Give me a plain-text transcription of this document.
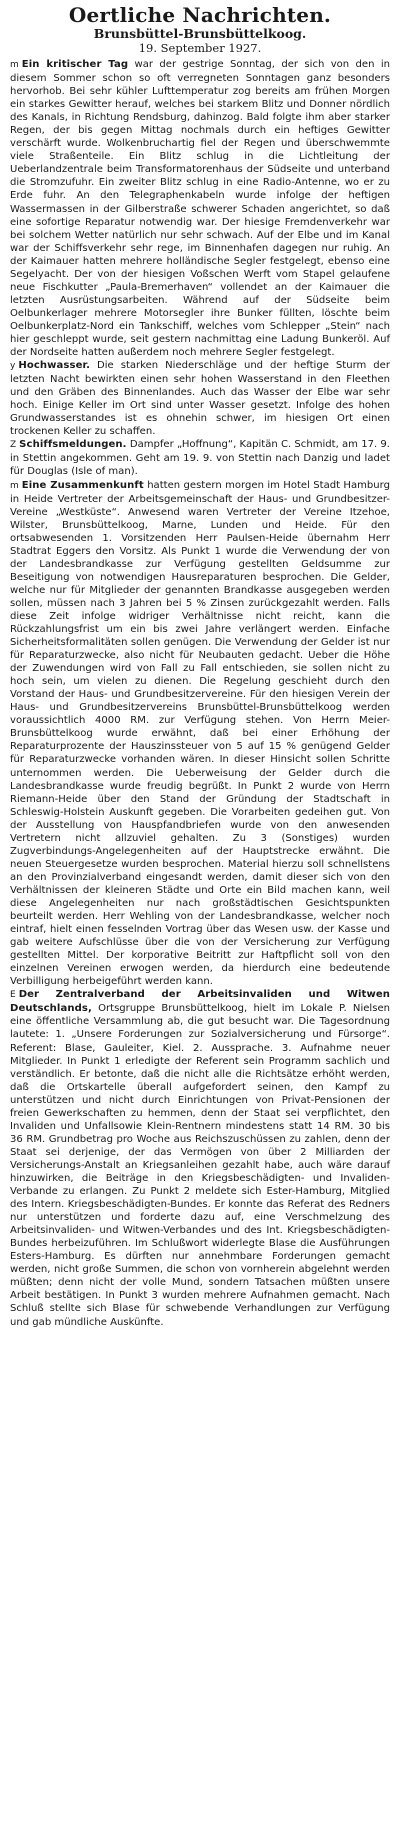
Oertliche Nachrichten.
Brunsbüttel-Brunsbüttelkoog.

19. September 1927.

m Ein kritischer Tag war der gestrige Sonntag, der sich von den in diesem Sommer schon so oft verregneten Sonntagen ganz besonders hervorhob. Bei sehr kühler Lufttemperatur zog bereits am frühen Morgen ein starkes Gewitter herauf, welches bei starkem Blitz und Donner nördlich des Kanals, in Richtung Rendsburg, dahinzog. Bald folgte ihm aber starker Regen, der bis gegen Mittag nochmals durch ein heftiges Gewitter verschärft wurde. Wolkenbruchartig fiel der Regen und überschwemmte viele Straßenteile. Ein Blitz schlug in die Lichtleitung der Ueberlandzentrale beim Transformatorenhaus der Südseite und unterband die Stromzufuhr. Ein zweiter Blitz schlug in eine Radio-Antenne, wo er zu Erde fuhr. An den Telegraphenkabeln wurde infolge der heftigen Wassermassen in der Gilberstraße schwerer Schaden angerichtet, so daß eine sofortige Reparatur notwendig war. Der hiesige Fremdenverkehr war bei solchem Wetter natürlich nur sehr schwach. Auf der Elbe und im Kanal war der Schiffsverkehr sehr rege, im Binnenhafen dagegen nur ruhig. An der Kaimauer hatten mehrere holländische Segler festgelegt, ebenso eine Segelyacht. Der von der hiesigen Voßschen Werft vom Stapel gelaufene neue Fischkutter „Paula-Bremerhaven“ vollendet an der Kaimauer die letzten Ausrüstungsarbeiten. Während auf der Südseite beim Oelbunkerlager mehrere Motorsegler ihre Bunker füllten, löschte beim Oelbunkerplatz-Nord ein Tankschiff, welches vom Schlepper „Stein“ nach hier geschleppt wurde, seit gestern nachmittag eine Ladung Bunkeröl. Auf der Nordseite hatten außerdem noch mehrere Segler festgelegt.

y Hochwasser. Die starken Niederschläge und der heftige Sturm der letzten Nacht bewirkten einen sehr hohen Wasserstand in den Fleethen und den Gräben des Binnenlandes. Auch das Wasser der Elbe war sehr hoch. Einige Keller im Ort sind unter Wasser gesetzt. Infolge des hohen Grundwasserstandes ist es ohnehin schwer, im hiesigen Ort einen trockenen Keller zu schaffen.

Z Schiffsmeldungen. Dampfer „Hoffnung“, Kapitän C. Schmidt, am 17. 9. in Stettin angekommen. Geht am 19. 9. von Stettin nach Danzig und ladet für Douglas (Isle of man).

m Eine Zusammenkunft hatten gestern morgen im Hotel Stadt Hamburg in Heide Vertreter der Arbeitsgemeinschaft der Haus- und Grundbesitzer-Vereine „Westküste“. Anwesend waren Vertreter der Vereine Itzehoe, Wilster, Brunsbüttelkoog, Marne, Lunden und Heide. Für den ortsabwesenden 1. Vorsitzenden Herr Paulsen-Heide übernahm Herr Stadtrat Eggers den Vorsitz. Als Punkt 1 wurde die Verwendung der von der Landesbrandkasse zur Verfügung gestellten Geldsumme zur Beseitigung von notwendigen Hausreparaturen besprochen. Die Gelder, welche nur für Mitglieder der genannten Brandkasse ausgegeben werden sollen, müssen nach 3 Jahren bei 5 % Zinsen zurückgezahlt werden. Falls diese Zeit infolge widriger Verhältnisse nicht reicht, kann die Rückzahlungsfrist um ein bis zwei Jahre verlängert werden. Einfache Sicherheitsformalitäten sollen genügen. Die Verwendung der Gelder ist nur für Reparaturzwecke, also nicht für Neubauten gedacht. Ueber die Höhe der Zuwendungen wird von Fall zu Fall entschieden, sie sollen nicht zu hoch sein, um vielen zu dienen. Die Regelung geschieht durch den Vorstand der Haus- und Grundbesitzervereine. Für den hiesigen Verein der Haus- und Grundbesitzervereins Brunsbüttel-Brunsbüttelkoog werden voraussichtlich 4000 RM. zur Verfügung stehen. Von Herrn Meier-Brunsbüttelkoog wurde erwähnt, daß bei einer Erhöhung der Reparaturprozente der Hauszinssteuer von 5 auf 15 % genügend Gelder für Reparaturzwecke vorhanden wären. In dieser Hinsicht sollen Schritte unternommen werden. Die Ueberweisung der Gelder durch die Landesbrandkasse wurde freudig begrüßt. In Punkt 2 wurde von Herrn Riemann-Heide über den Stand der Gründung der Stadtschaft in Schleswig-Holstein Auskunft gegeben. Die Vorarbeiten gedeihen gut. Von der Ausstellung von Hauspfandbriefen wurde von den anwesenden Vertretern nicht allzuviel gehalten. Zu 3 (Sonstiges) wurden Zugverbindungs-Angelegenheiten auf der Hauptstrecke erwähnt. Die neuen Steuergesetze wurden besprochen. Material hierzu soll schnellstens an den Provinzialverband eingesandt werden, damit dieser sich von den Verhältnissen der kleineren Städte und Orte ein Bild machen kann, weil diese Angelegenheiten nur nach großstädtischen Gesichtspunkten beurteilt werden. Herr Wehling von der Landesbrandkasse, welcher noch eintraf, hielt einen fesselnden Vortrag über das Wesen usw. der Kasse und gab weitere Aufschlüsse über die von der Versicherung zur Verfügung gestellten Mittel. Der korporative Beitritt zur Haftpflicht soll von den einzelnen Vereinen erwogen werden, da hierdurch eine bedeutende Verbilligung herbeigeführt werden kann.

E Der Zentralverband der Arbeitsinvaliden und Witwen Deutschlands, Ortsgruppe Brunsbüttelkoog, hielt im Lokale P. Nielsen eine öffentliche Versammlung ab, die gut besucht war. Die Tagesordnung lautete: 1. „Unsere Forderungen zur Sozialversicherung und Fürsorge“. Referent: Blase, Gauleiter, Kiel. 2. Aussprache. 3. Aufnahme neuer Mitglieder. In Punkt 1 erledigte der Referent sein Programm sachlich und verständlich. Er betonte, daß die nicht alle die Richtsätze erhöht werden, daß die Ortskartelle überall aufgefordert seinen, den Kampf zu unterstützen und nicht durch Einrichtungen von Privat-Pensionen der freien Gewerkschaften zu hemmen, denn der Staat sei verpflichtet, den Invaliden und Unfallsowie Klein-Rentnern mindestens statt 14 RM. 30 bis 36 RM. Grundbetrag pro Woche aus Reichszuschüssen zu zahlen, denn der Staat sei derjenige, der das Vermögen von über 2 Milliarden der Versicherungs-Anstalt an Kriegsanleihen gezahlt habe, auch wäre darauf hinzuwirken, die Beiträge in den Kriegsbeschädigten- und Invaliden-Verbande zu erlangen. Zu Punkt 2 meldete sich Ester-Hamburg, Mitglied des Intern. Kriegsbeschädigten-Bundes. Er konnte das Referat des Redners nur unterstützen und forderte dazu auf, eine Verschmelzung des Arbeitsinvaliden- und Witwen-Verbandes und des Int. Kriegsbeschädigten-Bundes herbeizuführen. Im Schlußwort widerlegte Blase die Ausführungen Esters-Hamburg. Es dürften nur annehmbare Forderungen gemacht werden, nicht große Summen, die schon von vornherein abgelehnt werden müßten; denn nicht der volle Mund, sondern Tatsachen müßten unsere Arbeit bestätigen. In Punkt 3 wurden mehrere Aufnahmen gemacht. Nach Schluß stellte sich Blase für schwebende Verhandlungen zur Verfügung und gab mündliche Auskünfte.
